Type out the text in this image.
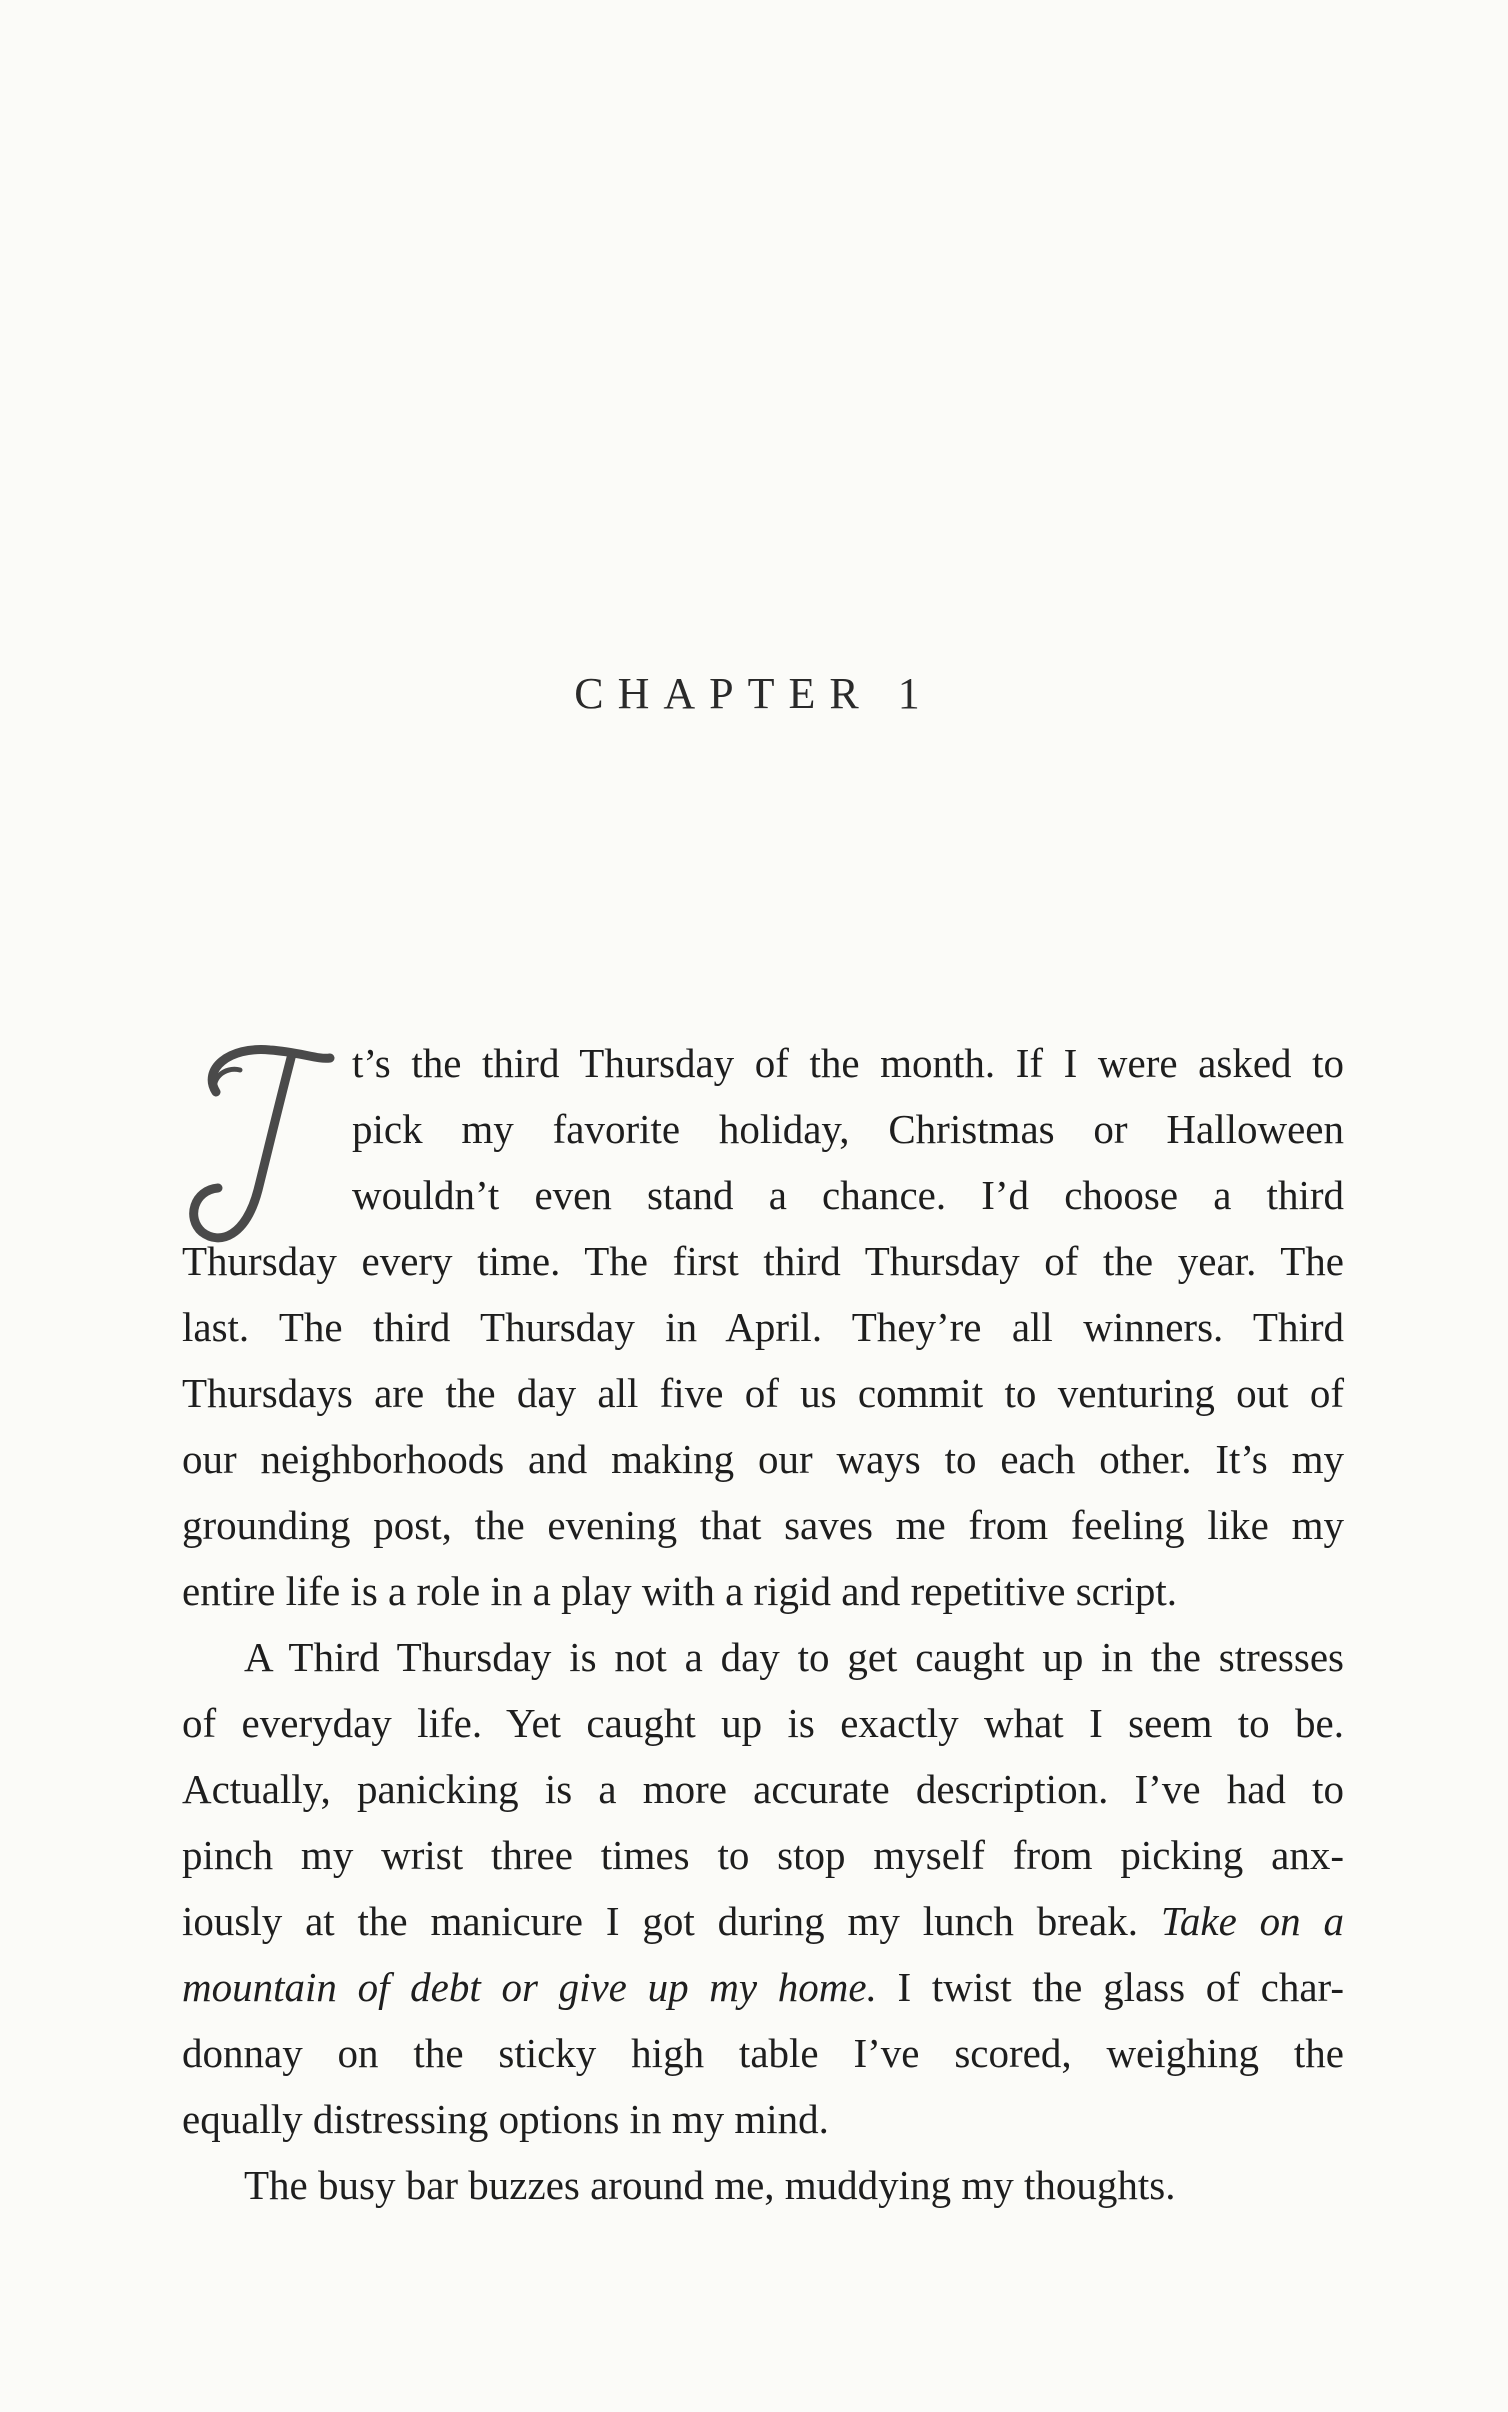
CHAPTER 1
t’s the third Thursday of the month. If I were asked to
pick my favorite holiday, Christmas or Halloween
wouldn’t even stand a chance. I’d choose a third
Thursday every time. The first third Thursday of the year. The
last. The third Thursday in April. They’re all winners. Third
Thursdays are the day all five of us commit to venturing out of
our neighborhoods and making our ways to each other. It’s my
grounding post, the evening that saves me from feeling like my
entire life is a role in a play with a rigid and repetitive script.
A Third Thursday is not a day to get caught up in the stresses
of everyday life. Yet caught up is exactly what I seem to be.
Actually, panicking is a more accurate description. I’ve had to
pinch my wrist three times to stop myself from picking anx-
iously at the manicure I got during my lunch break. Take on a
mountain of debt or give up my home. I twist the glass of char-
donnay on the sticky high table I’ve scored, weighing the
equally distressing options in my mind.
The busy bar buzzes around me, muddying my thoughts.
